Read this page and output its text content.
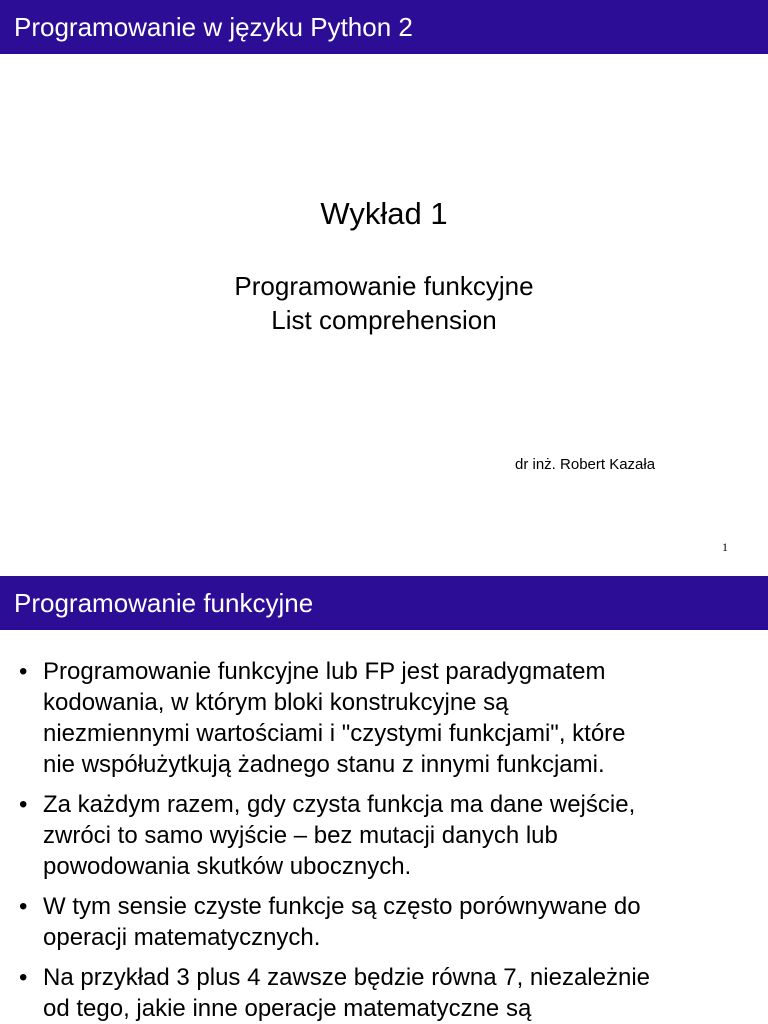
Programowanie w języku Python 2
Wykład 1
Programowanie funkcyjne
List comprehension
dr inż. Robert Kazała
1
Programowanie funkcyjne
• Programowanie funkcyjne lub FP jest paradygmatem
kodowania, w którym bloki konstrukcyjne są
niezmiennymi wartościami i "czystymi funkcjami", które
nie współużytkują żadnego stanu z innymi funkcjami.
• Za każdym razem, gdy czysta funkcja ma dane wejście,
zwróci to samo wyjście – bez mutacji danych lub
powodowania skutków ubocznych.
• W tym sensie czyste funkcje są często porównywane do
operacji matematycznych.
• Na przykład 3 plus 4 zawsze będzie równa 7, niezależnie
od tego, jakie inne operacje matematyczne są
